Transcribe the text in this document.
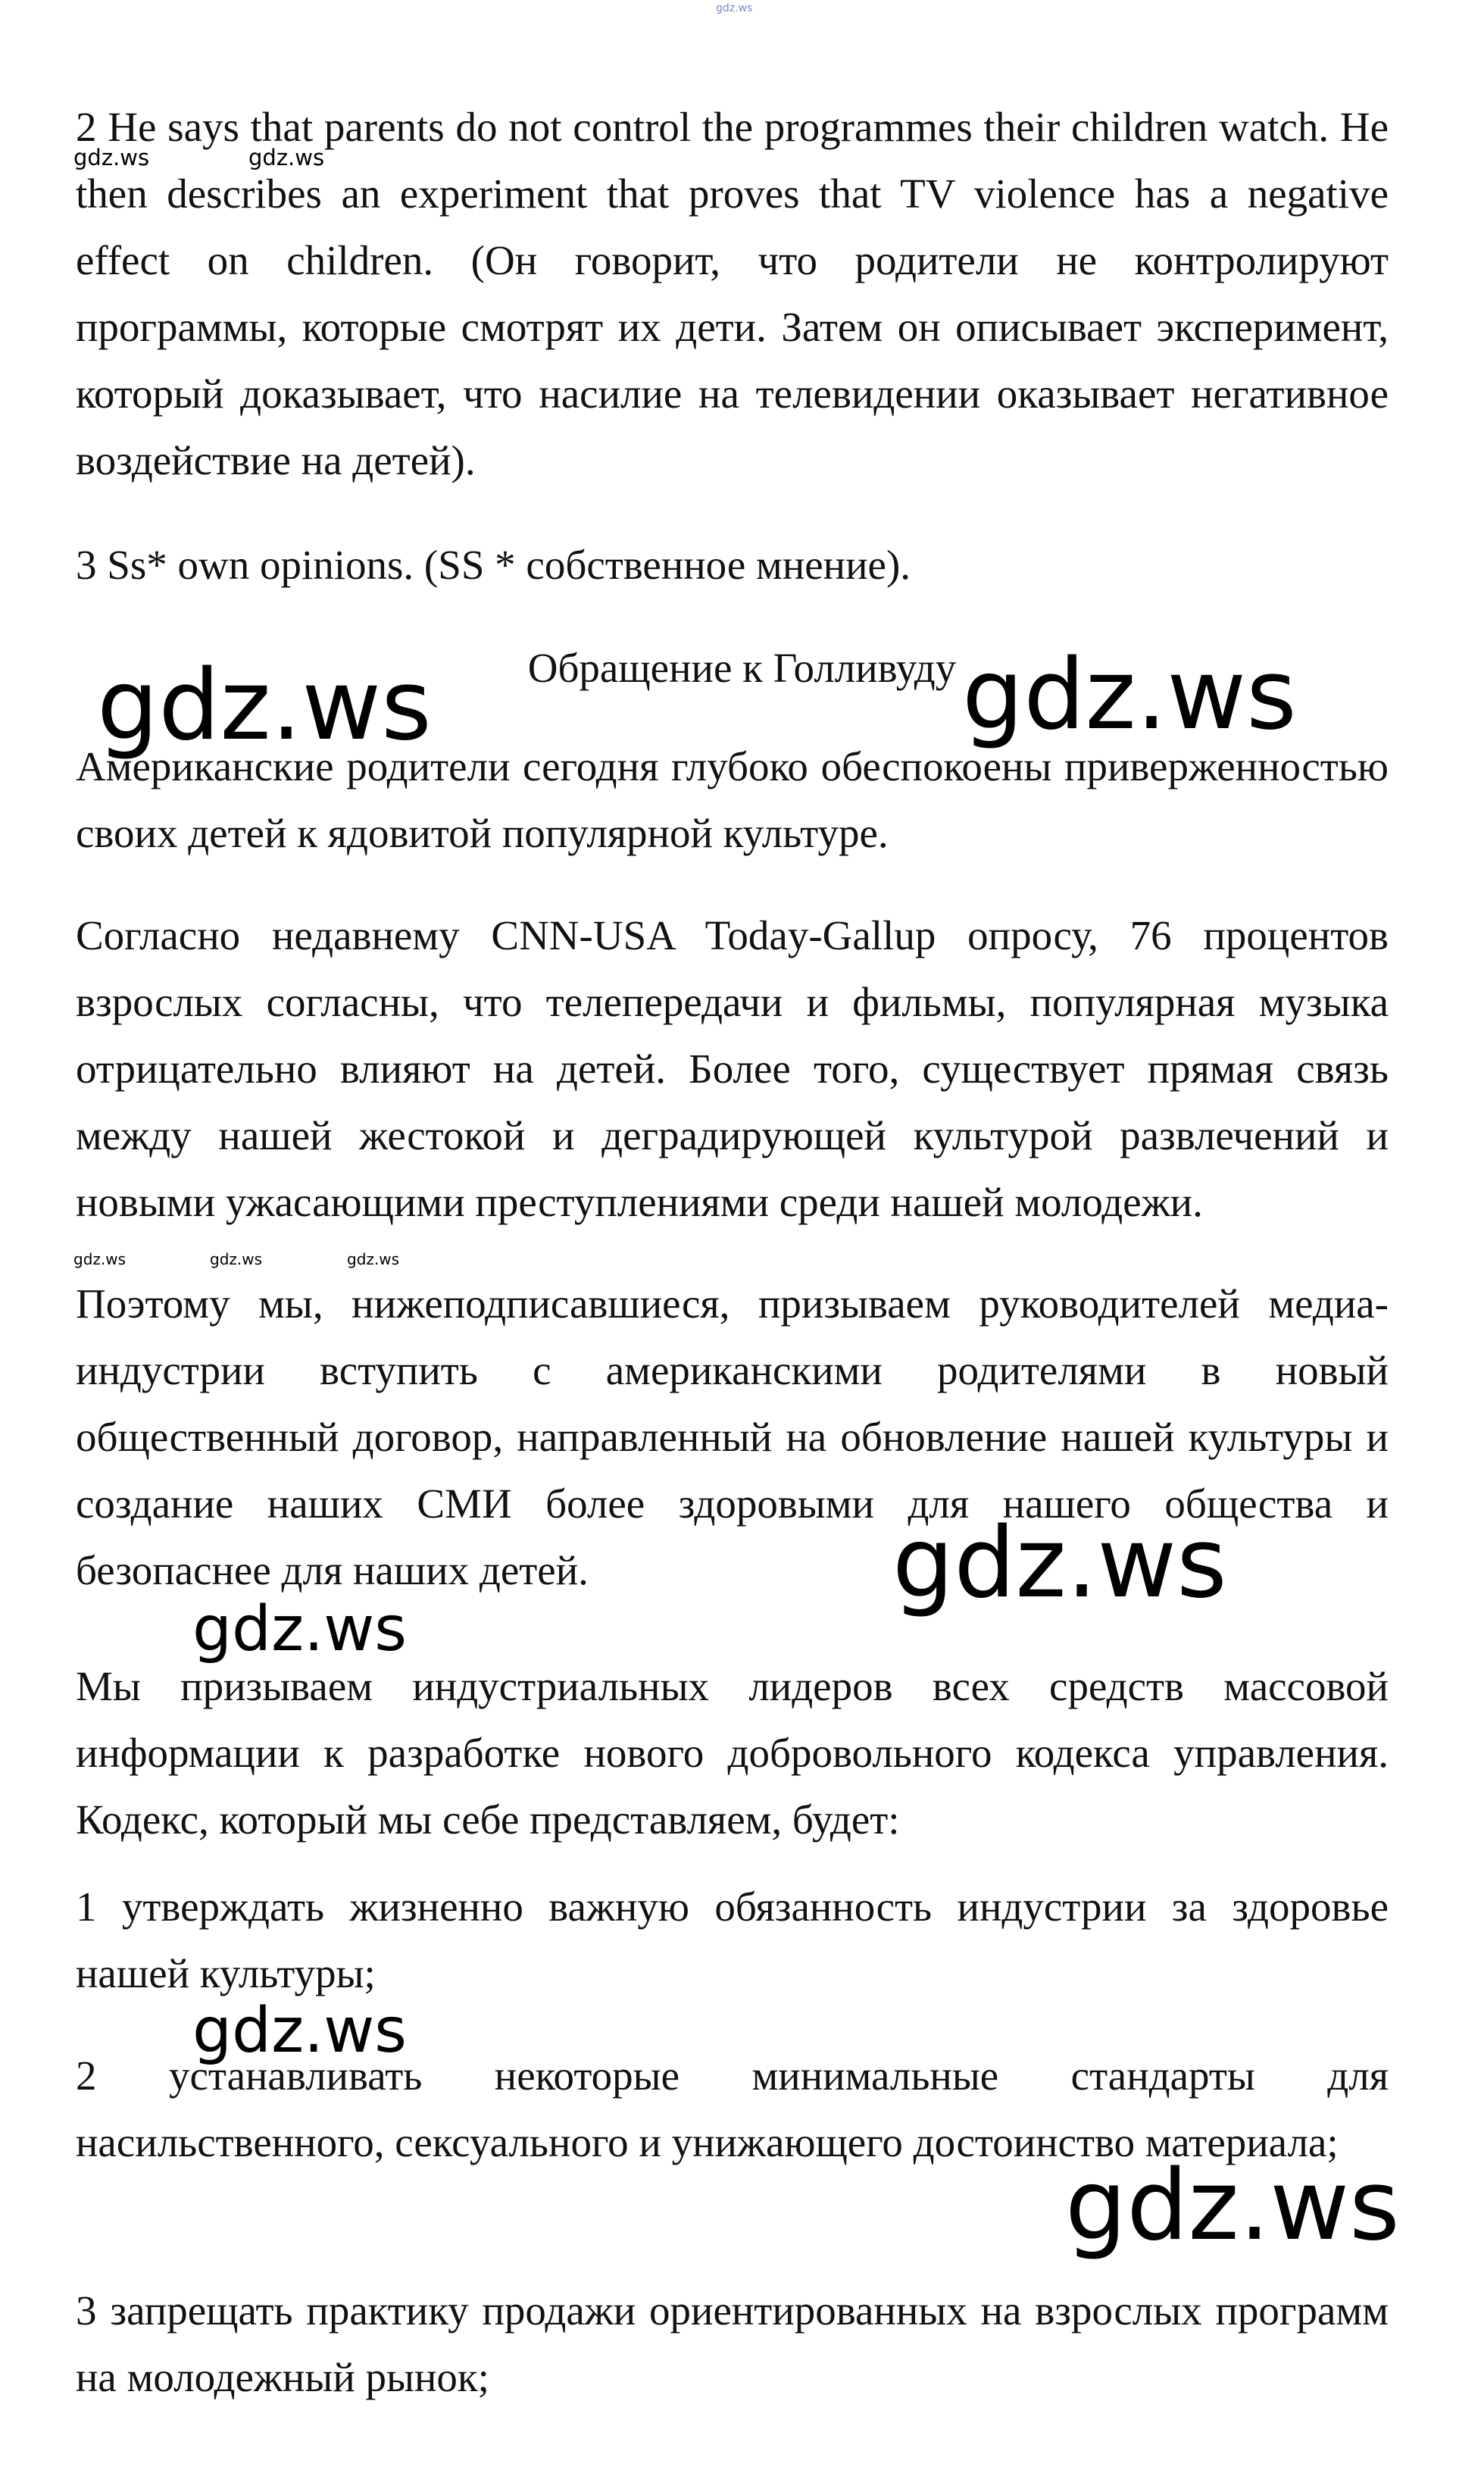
gdz.ws

2 He says that parents do not control the programmes their children watch. He then describes an experiment that proves that TV violence has a negative effect on children. (Он говорит, что родители не контролируют программы, которые смотрят их дети. Затем он описывает эксперимент, который доказывает, что насилие на телевидении оказывает негативное воздействие на детей).

gdz.ws	gdz.ws

3 Ss* own opinions. (SS * собственное мнение).

Обращение к Голливуду

gdz.ws	gdz.ws

Американские родители сегодня глубоко обеспокоены приверженностью своих детей к ядовитой популярной культуре.

Согласно недавнему CNN-USA Today-Gallup опросу, 76 процентов взрослых согласны, что телепередачи и фильмы, популярная музыка отрицательно влияют на детей. Более того, существует прямая связь между нашей жестокой и деградирующей культурой развлечений и новыми ужасающими преступлениями среди нашей молодежи.

gdz.ws	gdz.ws	gdz.ws

Поэтому мы, нижеподписавшиеся, призываем руководителей медиа-индустрии вступить с американскими родителями в новый общественный договор, направленный на обновление нашей культуры и создание наших СМИ более здоровыми для нашего общества и безопаснее для наших детей.	gdz.ws
gdz.ws

Мы призываем индустриальных лидеров всех средств массовой информации к разработке нового добровольного кодекса управления. Кодекс, который мы себе представляем, будет:

1 утверждать жизненно важную обязанность индустрии за здоровье нашей культуры;

gdz.ws

2 устанавливать некоторые минимальные стандарты для насильственного, сексуального и унижающего достоинство материала;

gdz.ws

3 запрещать практику продажи ориентированных на взрослых программ на молодежный рынок;
